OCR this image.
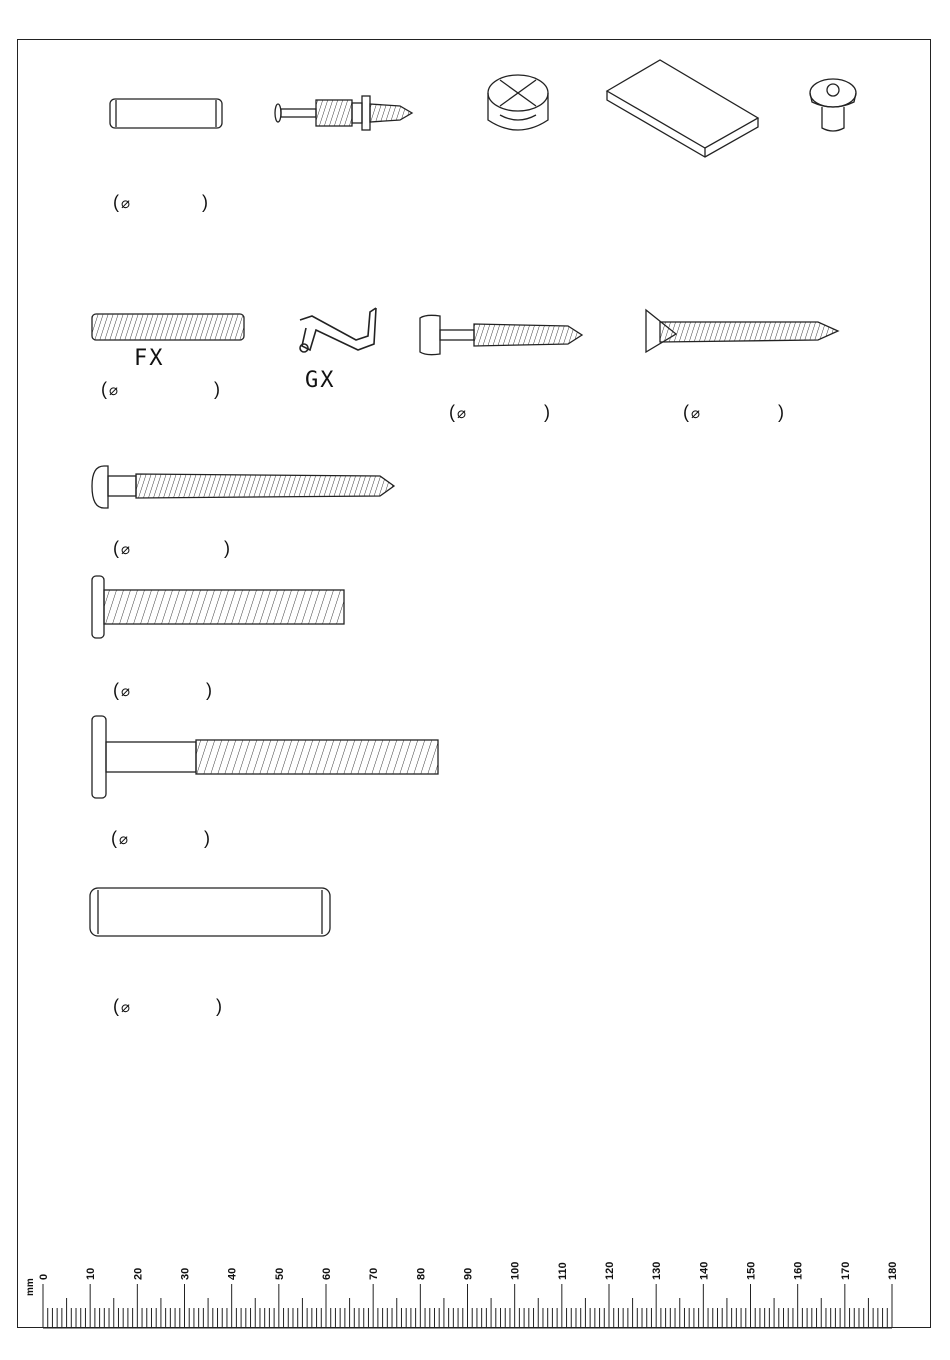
0	10	20	30	40	50	60	70	80	90	100	110	120	130	140	150	160	170	180
FX
GX
( ⌀	)
( ⌀	)
( ⌀	)	( ⌀	)
( ⌀	)
( ⌀	)
( ⌀	)
( ⌀	)
mm
